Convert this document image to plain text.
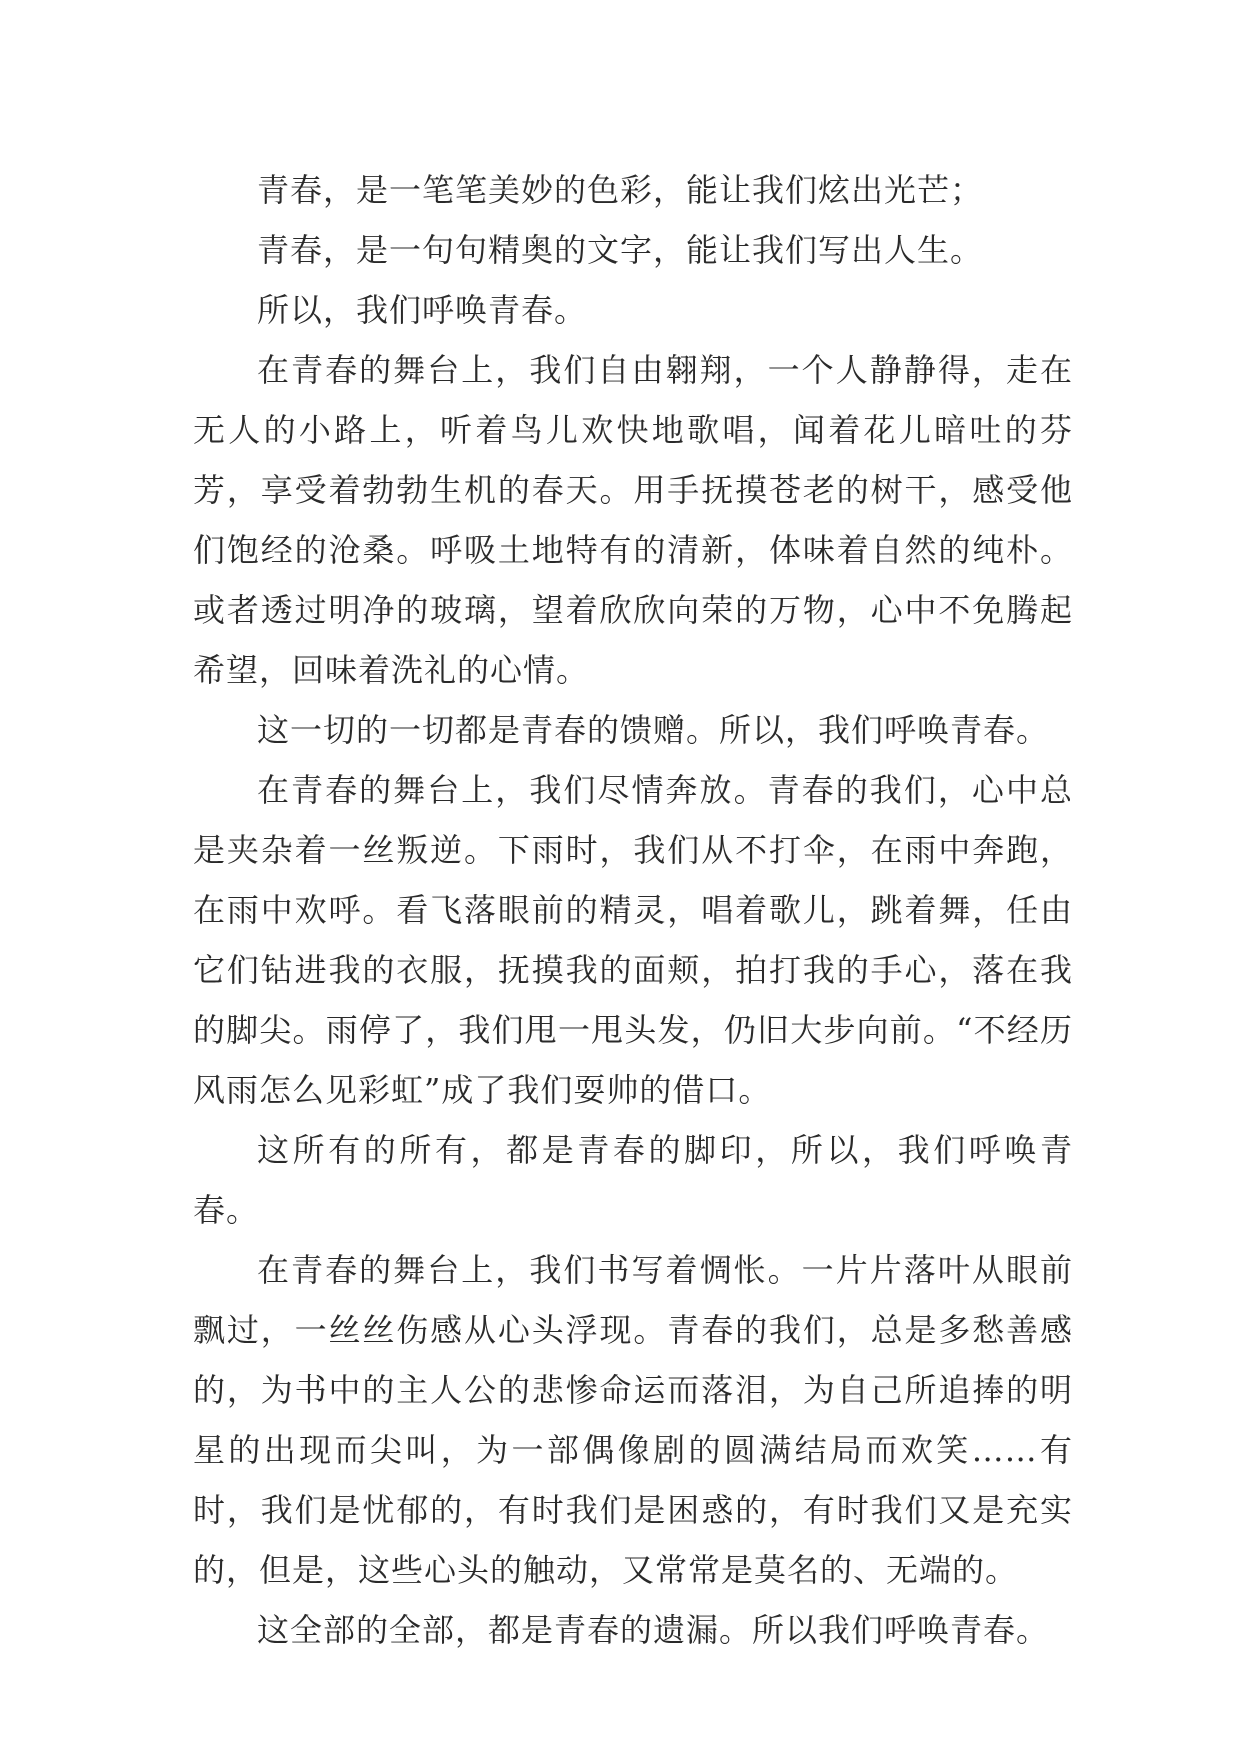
青春，是一笔笔美妙的色彩，能让我们炫出光芒；

青春，是一句句精奥的文字，能让我们写出人生。

所以，我们呼唤青春。

在青春的舞台上，我们自由翱翔，一个人静静得，走在无人的小路上，听着鸟儿欢快地歌唱，闻着花儿暗吐的芬芳，享受着勃勃生机的春天。用手抚摸苍老的树干，感受他们饱经的沧桑。呼吸土地特有的清新，体味着自然的纯朴。或者透过明净的玻璃，望着欣欣向荣的万物，心中不免腾起希望，回味着洗礼的心情。

这一切的一切都是青春的馈赠。所以，我们呼唤青春。

在青春的舞台上，我们尽情奔放。青春的我们，心中总是夹杂着一丝叛逆。下雨时，我们从不打伞，在雨中奔跑，在雨中欢呼。看飞落眼前的精灵，唱着歌儿，跳着舞，任由它们钻进我的衣服，抚摸我的面颊，拍打我的手心，落在我的脚尖。雨停了，我们甩一甩头发，仍旧大步向前。“不经历风雨怎么见彩虹”成了我们耍帅的借口。

这所有的所有，都是青春的脚印，所以，我们呼唤青春。

在青春的舞台上，我们书写着惆怅。一片片落叶从眼前飘过，一丝丝伤感从心头浮现。青春的我们，总是多愁善感的，为书中的主人公的悲惨命运而落泪，为自己所追捧的明星的出现而尖叫，为一部偶像剧的圆满结局而欢笑……有时，我们是忧郁的，有时我们是困惑的，有时我们又是充实的，但是，这些心头的触动，又常常是莫名的、无端的。

这全部的全部，都是青春的遗漏。所以我们呼唤青春。
